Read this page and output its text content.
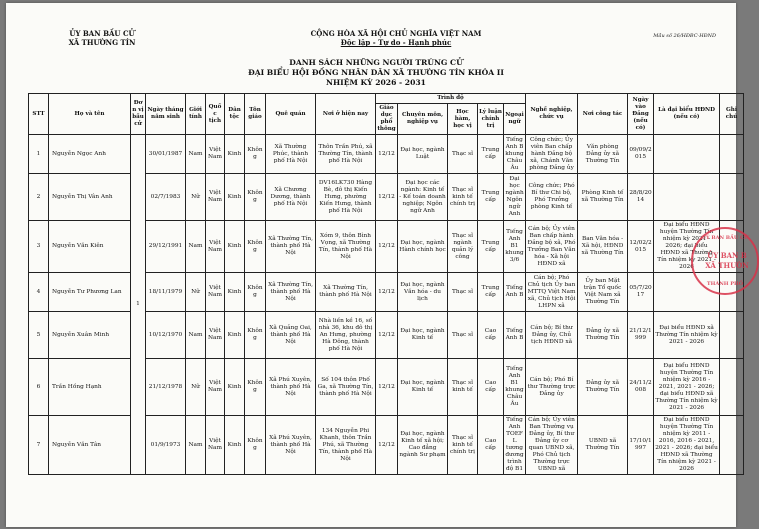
ỦY BAN BẦU CỬ
XÃ THƯỜNG TÍN
CỘNG HÒA XÃ HỘI CHỦ NGHĨA VIỆT NAM
Độc lập - Tự do - Hạnh phúc
Mẫu số 26/HĐBC-HĐND
DANH SÁCH NHỮNG NGƯỜI TRÚNG CỬ
ĐẠI BIỂU HỘI ĐỒNG NHÂN DÂN XÃ THƯỜNG TÍN KHÓA II
NHIỆM KỲ 2026 - 2031
STT	Họ và tên	Đơn vị bầu cử	Ngày tháng năm sinh	Giới tính	Quốc tịch	Dân tộc	Tôn giáo	Quê quán	Nơi ở hiện nay	Trình độ					Nghề nghiệp, chức vụ	Nơi công tác	Ngày vào Đảng (nếu có)	Là đại biểu HĐND (nếu có)	Ghi chú
										Giáo dục phổ thông	Chuyên môn, nghiệp vụ	Học hàm, học vị	Lý luận chính trị	Ngoại ngữ					
1	Nguyễn Ngọc Anh	1	30/01/1987	Nam	Việt Nam	Kinh	Không	Xã Thường Phúc, thành phố Hà Nội	Thôn Trần Phú, xã Thường Tín, thành phố Hà Nội	12/12	Đại học, ngành Luật	Thạc sĩ	Trung cấp	Tiếng Anh B khung Châu Âu	Công chức; Ủy viên Ban chấp hành Đảng bộ xã, Chánh Văn phòng Đảng ủy	Văn phòng Đảng ủy xã Thường Tín	09/09/2015		
2	Nguyễn Thị Vân Anh		02/7/1983	Nữ	Việt Nam	Kinh	Không	Xã Chương Dương, thành phố Hà Nội	DV16LK730 Hàng Bè, đô thị Kiến Hưng, phường Kiến Hưng, thành phố Hà Nội	12/12	Đại học các ngành: Kinh tế - Kế toán doanh nghiệp; Ngôn ngữ Anh	Thạc sĩ kinh tế chính trị	Trung cấp	Đại học ngành Ngôn ngữ Anh	Công chức; Phó Bí thư Chi bộ, Phó Trưởng phòng Kinh tế	Phòng Kinh tế xã Thường Tín	28/8/2014		
3	Nguyễn Văn Kiên		29/12/1991	Nam	Việt Nam	Kinh	Không	Xã Thường Tín, thành phố Hà Nội	Xóm 9, thôn Bình Vọng, xã Thường Tín, thành phố Hà Nội	12/12	Đại học, ngành Hành chính học	Thạc sĩ ngành quản lý công	Trung cấp	Tiếng Anh B1 khung 3/6	Cán bộ; Ủy viên Ban chấp hành Đảng bộ xã, Phó Trưởng Ban Văn hóa - Xã hội HĐND xã	Ban Văn hóa - Xã hội, HĐND xã Thường Tín	12/02/2015	Đại biểu HĐND huyện Thường Tín nhiệm kỳ 2021 - 2026; đại biểu HĐND xã Thường Tín nhiệm kỳ 2021 - 2026	
4	Nguyễn Tư Phương Lan		18/11/1979	Nữ	Việt Nam	Kinh	Không	Xã Thường Tín, thành phố Hà Nội	Xã Thường Tín, thành phố Hà Nội	12/12	Đại học, ngành Văn hóa - du lịch	Thạc sĩ	Trung cấp	Tiếng Anh B	Cán bộ; Phó Chủ tịch Ủy ban MTTQ Việt Nam xã, Chủ tịch Hội LHPN xã	Ủy ban Mặt trận Tổ quốc Việt Nam xã Thường Tín	05/7/2017		
5	Nguyễn Xuân Minh		10/12/1970	Nam	Việt Nam	Kinh	Không	Xã Quảng Oai, thành phố Hà Nội	Nhà liền kề 16, số nhà 36, khu đô thị An Hưng, phường Hà Đông, thành phố Hà Nội	12/12	Đại học, ngành Kinh tế	Thạc sĩ	Cao cấp	Tiếng Anh B	Cán bộ; Bí thư Đảng ủy, Chủ tịch HĐND xã	Đảng ủy xã Thường Tín	21/12/1999	Đại biểu HĐND xã Thường Tín nhiệm kỳ 2021 - 2026	
6	Trần Hồng Hạnh		21/12/1978	Nữ	Việt Nam	Kinh	Không	Xã Phú Xuyên, thành phố Hà Nội	Số 104 thôn Phố Ga, xã Thường Tín, thành phố Hà Nội	12/12	Đại học, ngành Kinh tế	Thạc sĩ kinh tế	Cao cấp	Tiếng Anh B1 khung Châu Âu	Cán bộ; Phó Bí thư Thường trực Đảng ủy	Đảng ủy xã Thường Tín	24/11/2008	Đại biểu HĐND huyện Thường Tín nhiệm kỳ 2016 - 2021, 2021 - 2026; đại biểu HĐND xã Thường Tín nhiệm kỳ 2021 - 2026	
7	Nguyễn Văn Tân		01/9/1973	Nam	Việt Nam	Kinh	Không	Xã Phú Xuyên, thành phố Hà Nội	134 Nguyễn Phi Khanh, thôn Trần Phú, xã Thường Tín, thành phố Hà Nội	12/12	Đại học, ngành Kinh tế xã hội; Cao đẳng ngành Sư phạm	Thạc sĩ kinh tế chính trị	Cao cấp	Tiếng Anh TOEFL tương đương trình độ B1	Cán bộ; Ủy viên Ban Thường vụ Đảng ủy, Bí thư Đảng ủy cơ quan UBND xã, Phó Chủ tịch Thường trực UBND xã	UBND xã Thường Tín	17/10/1997	Đại biểu HĐND huyện Thường Tín nhiệm kỳ 2011 - 2016, 2016 - 2021, 2021 - 2026; đại biểu HĐND xã Thường Tín nhiệm kỳ 2021 - 2026	
UỶ BAN BẦU CỬ
ỦY BAN B
XÃ THƯỜN
THÀNH PHỐ
